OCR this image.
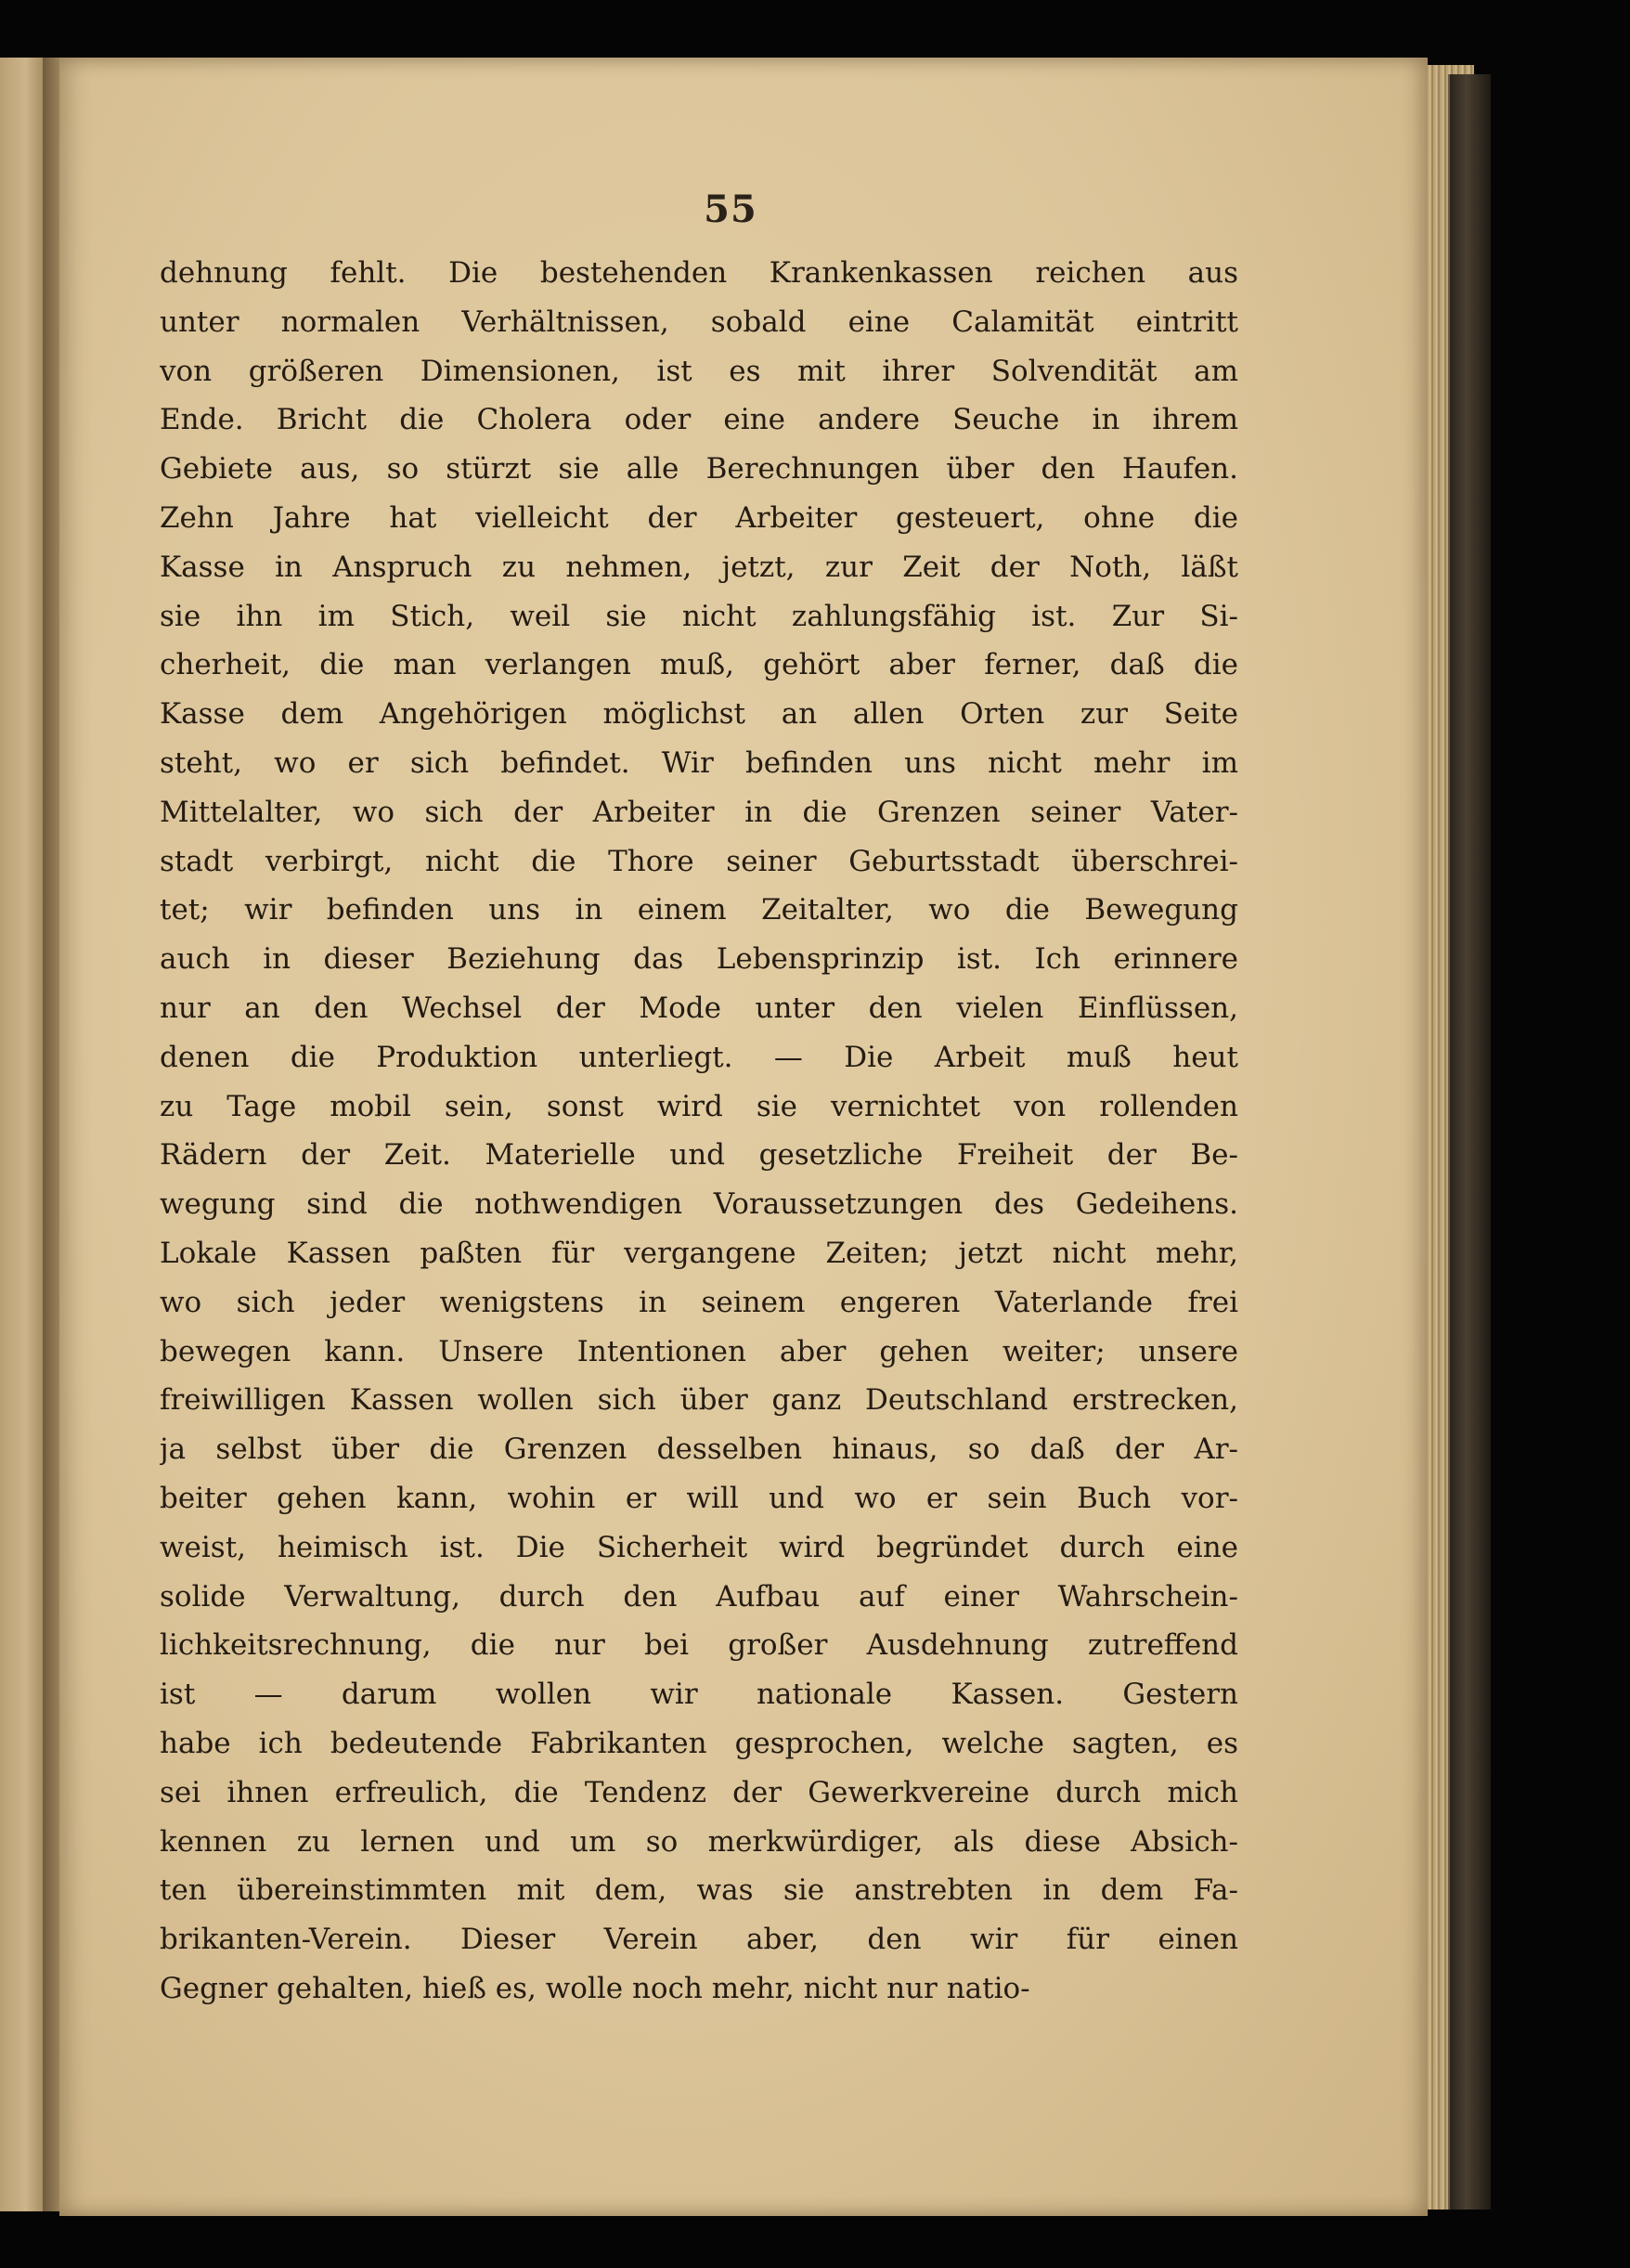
55
dehnung fehlt. Die bestehenden Krankenkassen reichen aus
unter normalen Verhältnissen, sobald eine Calamität eintritt
von größeren Dimensionen, ist es mit ihrer Solvendität am
Ende. Bricht die Cholera oder eine andere Seuche in ihrem
Gebiete aus, so stürzt sie alle Berechnungen über den Haufen.
Zehn Jahre hat vielleicht der Arbeiter gesteuert, ohne die
Kasse in Anspruch zu nehmen, jetzt, zur Zeit der Noth, läßt
sie ihn im Stich, weil sie nicht zahlungsfähig ist. Zur Si-
cherheit, die man verlangen muß, gehört aber ferner, daß die
Kasse dem Angehörigen möglichst an allen Orten zur Seite
steht, wo er sich befindet. Wir befinden uns nicht mehr im
Mittelalter, wo sich der Arbeiter in die Grenzen seiner Vater-
stadt verbirgt, nicht die Thore seiner Geburtsstadt überschrei-
tet; wir befinden uns in einem Zeitalter, wo die Bewegung
auch in dieser Beziehung das Lebensprinzip ist. Ich erinnere
nur an den Wechsel der Mode unter den vielen Einflüssen,
denen die Produktion unterliegt. — Die Arbeit muß heut
zu Tage mobil sein, sonst wird sie vernichtet von rollenden
Rädern der Zeit. Materielle und gesetzliche Freiheit der Be-
wegung sind die nothwendigen Voraussetzungen des Gedeihens.
Lokale Kassen paßten für vergangene Zeiten; jetzt nicht mehr,
wo sich jeder wenigstens in seinem engeren Vaterlande frei
bewegen kann. Unsere Intentionen aber gehen weiter; unsere
freiwilligen Kassen wollen sich über ganz Deutschland erstrecken,
ja selbst über die Grenzen desselben hinaus, so daß der Ar-
beiter gehen kann, wohin er will und wo er sein Buch vor-
weist, heimisch ist. Die Sicherheit wird begründet durch eine
solide Verwaltung, durch den Aufbau auf einer Wahrschein-
lichkeitsrechnung, die nur bei großer Ausdehnung zutreffend
ist — darum wollen wir nationale Kassen. Gestern
habe ich bedeutende Fabrikanten gesprochen, welche sagten, es
sei ihnen erfreulich, die Tendenz der Gewerkvereine durch mich
kennen zu lernen und um so merkwürdiger, als diese Absich-
ten übereinstimmten mit dem, was sie anstrebten in dem Fa-
brikanten-Verein. Dieser Verein aber, den wir für einen
Gegner gehalten, hieß es, wolle noch mehr, nicht nur natio-
